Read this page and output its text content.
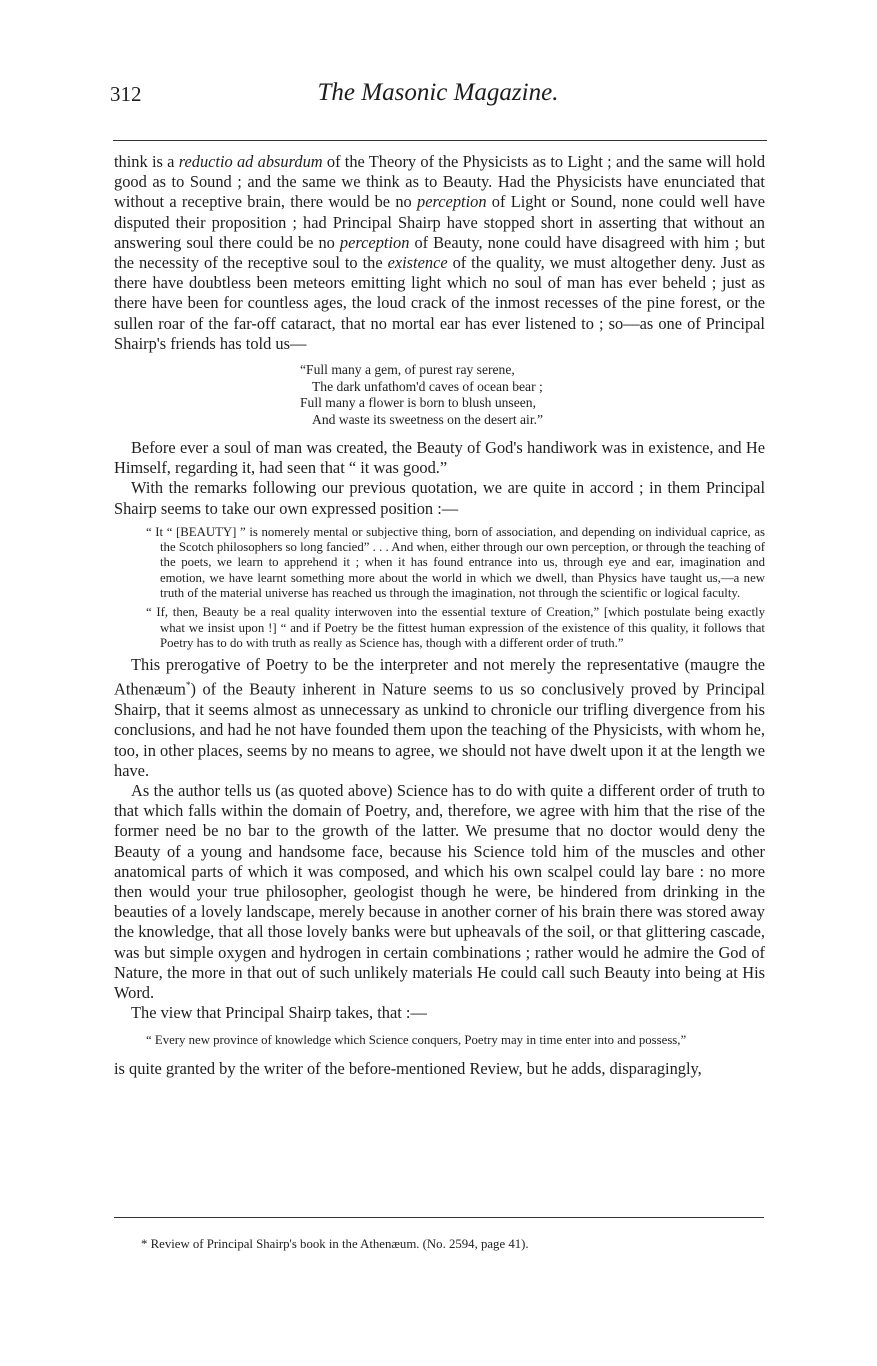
312	The Masonic Magazine.

think is a reductio ad absurdum of the Theory of the Physicists as to Light ; and the same will hold good as to Sound ; and the same we think as to Beauty. Had the Physicists have enunciated that without a receptive brain, there would be no perception of Light or Sound, none could well have disputed their proposition ; had Principal Shairp have stopped short in asserting that without an answering soul there could be no perception of Beauty, none could have disagreed with him ; but the necessity of the receptive soul to the existence of the quality, we must altogether deny. Just as there have doubtless been meteors emitting light which no soul of man has ever beheld ; just as there have been for countless ages, the loud crack of the inmost recesses of the pine forest, or the sullen roar of the far-off cataract, that no mortal ear has ever listened to ; so—as one of Principal Shairp's friends has told us—

“Full many a gem, of purest ray serene,
The dark unfathom'd caves of ocean bear ;
Full many a flower is born to blush unseen,
And waste its sweetness on the desert air.”

Before ever a soul of man was created, the Beauty of God's handiwork was in existence, and He Himself, regarding it, had seen that “ it was good.”

With the remarks following our previous quotation, we are quite in accord ; in them Principal Shairp seems to take our own expressed position :—

“ It “ [BEAUTY] ” is nomerely mental or subjective thing, born of association, and depending on individual caprice, as the Scotch philosophers so long fancied” . . . And when, either through our own perception, or through the teaching of the poets, we learn to apprehend it ; when it has found entrance into us, through eye and ear, imagination and emotion, we have learnt something more about the world in which we dwell, than Physics have taught us,—a new truth of the material universe has reached us through the imagination, not through the scientific or logical faculty.

“ If, then, Beauty be a real quality interwoven into the essential texture of Creation,” [which postulate being exactly what we insist upon !] “ and if Poetry be the fittest human expression of the existence of this quality, it follows that Poetry has to do with truth as really as Science has, though with a different order of truth.”

This prerogative of Poetry to be the interpreter and not merely the representative (maugre the Athenæum*) of the Beauty inherent in Nature seems to us so conclusively proved by Principal Shairp, that it seems almost as unnecessary as unkind to chronicle our trifling divergence from his conclusions, and had he not have founded them upon the teaching of the Physicists, with whom he, too, in other places, seems by no means to agree, we should not have dwelt upon it at the length we have.

As the author tells us (as quoted above) Science has to do with quite a different order of truth to that which falls within the domain of Poetry, and, therefore, we agree with him that the rise of the former need be no bar to the growth of the latter. We presume that no doctor would deny the Beauty of a young and handsome face, because his Science told him of the muscles and other anatomical parts of which it was composed, and which his own scalpel could lay bare : no more then would your true philosopher, geologist though he were, be hindered from drinking in the beauties of a lovely landscape, merely because in another corner of his brain there was stored away the knowledge, that all those lovely banks were but upheavals of the soil, or that glittering cascade, was but simple oxygen and hydrogen in certain combinations ; rather would he admire the God of Nature, the more in that out of such unlikely materials He could call such Beauty into being at His Word.

The view that Principal Shairp takes, that :—

“ Every new province of knowledge which Science conquers, Poetry may in time enter into and possess,”

is quite granted by the writer of the before-mentioned Review, but he adds, disparagingly,

* Review of Principal Shairp's book in the Athenæum. (No. 2594, page 41).
